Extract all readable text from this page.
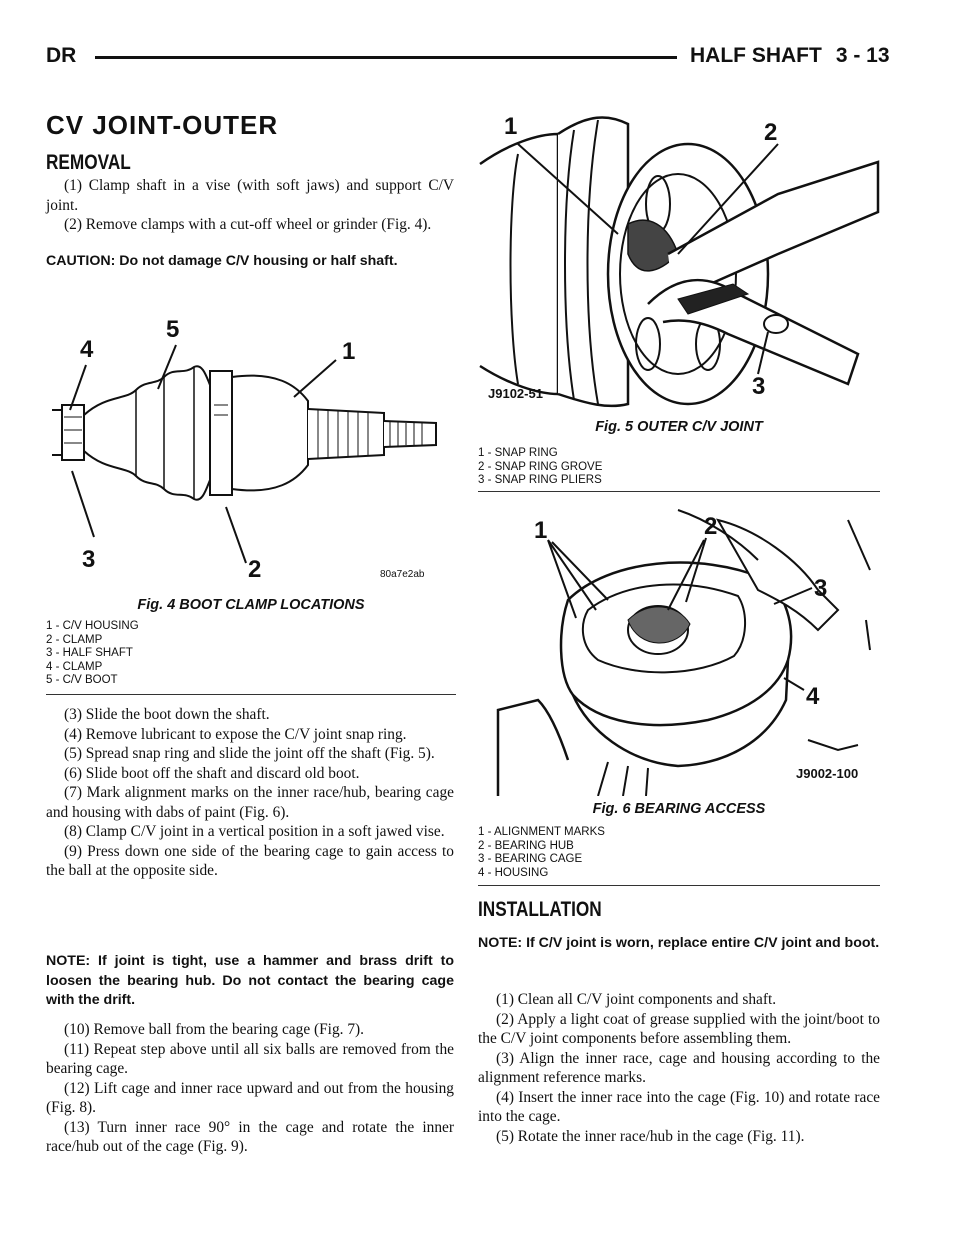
DR	HALF SHAFT 3 - 13
CV JOINT-OUTER
REMOVAL

(1) Clamp shaft in a vise (with soft jaws) and support C/V joint.

(2) Remove clamps with a cut-off wheel or grinder (Fig. 4).

CAUTION: Do not damage C/V housing or half shaft.
4
5
1
3	2	80a7e2ab
Fig. 4 BOOT CLAMP LOCATIONS
1 - C/V HOUSING
2 - CLAMP
3 - HALF SHAFT
4 - CLAMP
5 - C/V BOOT

(3) Slide the boot down the shaft.

(4) Remove lubricant to expose the C/V joint snap ring.

(5) Spread snap ring and slide the joint off the shaft (Fig. 5).

(6) Slide boot off the shaft and discard old boot.

(7) Mark alignment marks on the inner race/hub, bearing cage and housing with dabs of paint (Fig. 6).

(8) Clamp C/V joint in a vertical position in a soft jawed vise.

(9) Press down one side of the bearing cage to gain access to the ball at the opposite side.

NOTE: If joint is tight, use a hammer and brass drift to loosen the bearing hub. Do not contact the bearing cage with the drift.

(10) Remove ball from the bearing cage (Fig. 7).

(11) Repeat step above until all six balls are removed from the bearing cage.

(12) Lift cage and inner race upward and out from the housing (Fig. 8).

(13) Turn inner race 90° in the cage and rotate the inner race/hub out of the cage (Fig. 9).

1	2
3
J9102-51
Fig. 5 OUTER C/V JOINT
1 - SNAP RING
2 - SNAP RING GROVE
3 - SNAP RING PLIERS
1	2
3
4
J9002-100
Fig. 6 BEARING ACCESS
1 - ALIGNMENT MARKS
2 - BEARING HUB
3 - BEARING CAGE
4 - HOUSING
INSTALLATION
NOTE: If C/V joint is worn, replace entire C/V joint and boot.

(1) Clean all C/V joint components and shaft.

(2) Apply a light coat of grease supplied with the joint/boot to the C/V joint components before assembling them.

(3) Align the inner race, cage and housing according to the alignment reference marks.

(4) Insert the inner race into the cage (Fig. 10) and rotate race into the cage.

(5) Rotate the inner race/hub in the cage (Fig. 11).
